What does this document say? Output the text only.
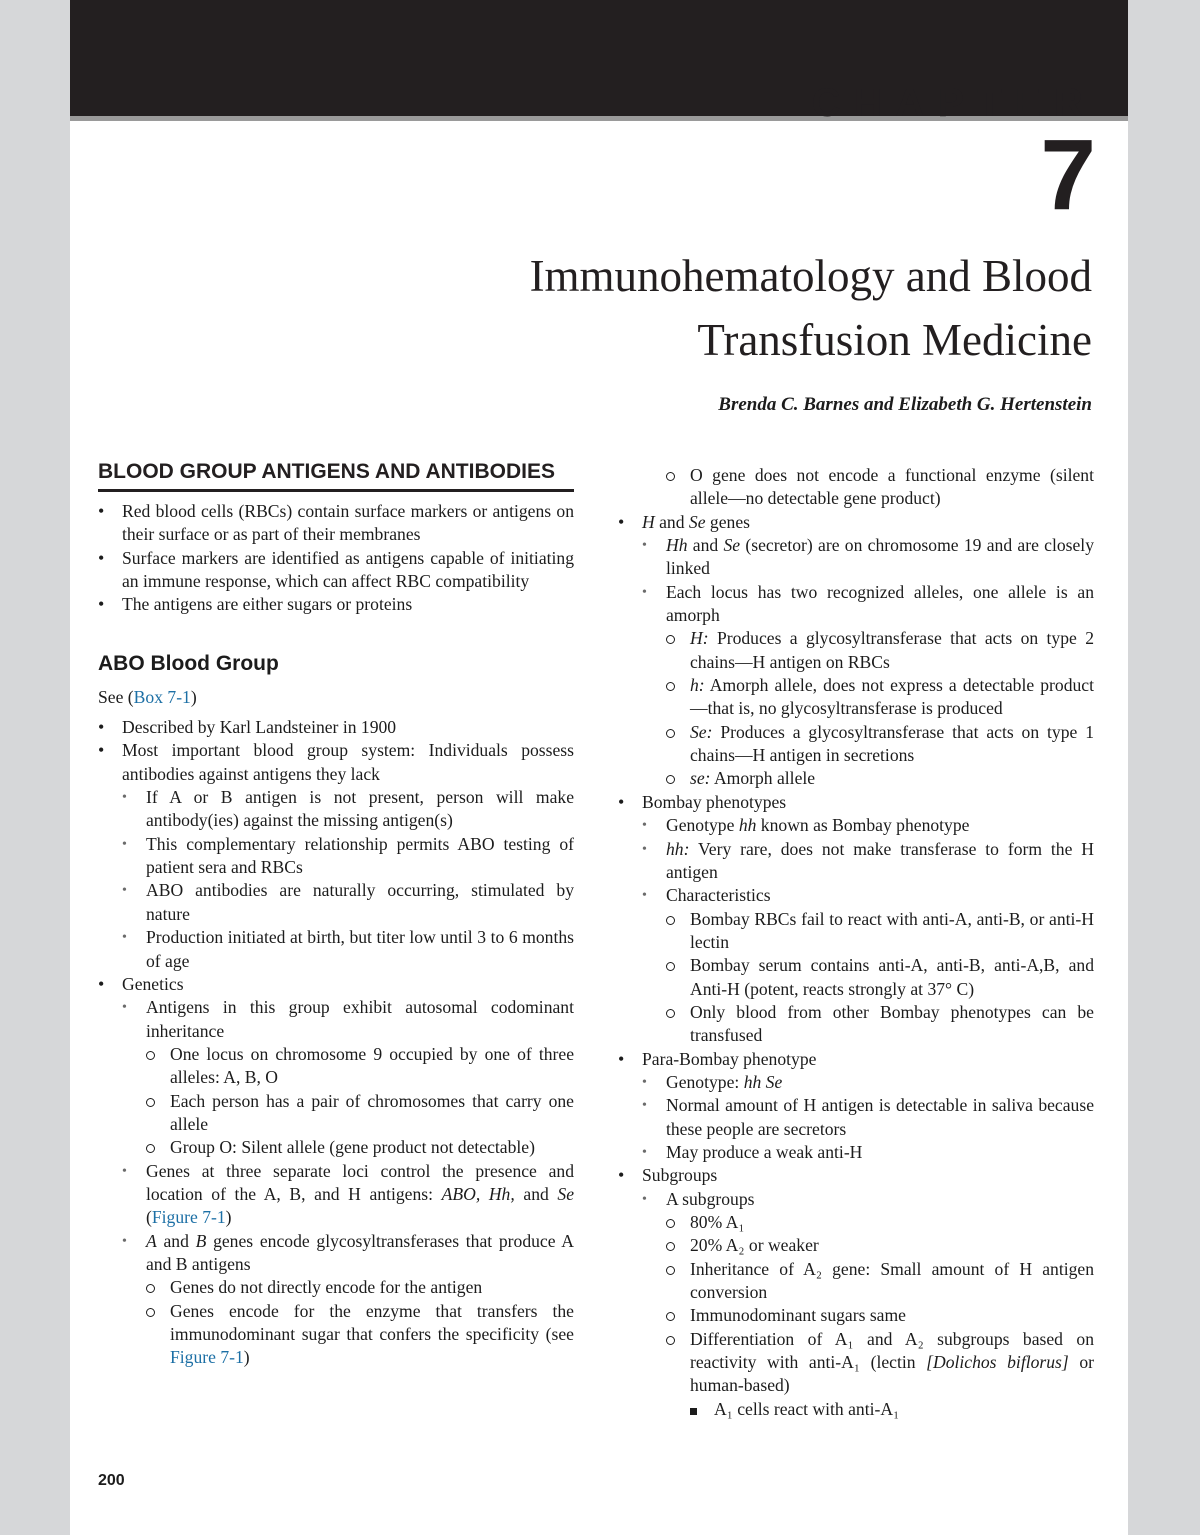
CHAPTER
7
Immunohematology and Blood
Transfusion Medicine
Brenda C. Barnes and Elizabeth G. Hertenstein
BLOOD GROUP ANTIGENS AND ANTIBODIES
• Red blood cells (RBCs) contain surface markers or antigens on their surface or as part of their membranes
• Surface markers are identified as antigens capable of initiating an immune response, which can affect RBC compatibility
• The antigens are either sugars or proteins
ABO Blood Group

See (Box 7-1)

• Described by Karl Landsteiner in 1900
• Most important blood group system: Individuals possess antibodies against antigens they lack
• If A or B antigen is not present, person will make antibody(ies) against the missing antigen(s)
• This complementary relationship permits ABO testing of patient sera and RBCs
• ABO antibodies are naturally occurring, stimulated by nature
• Production initiated at birth, but titer low until 3 to 6 months of age
• Genetics
• Antigens in this group exhibit autosomal codominant inheritance
One locus on chromosome 9 occupied by one of three alleles: A, B, O
Each person has a pair of chromosomes that carry one allele
Group O: Silent allele (gene product not detectable)
• Genes at three separate loci control the presence and location of the A, B, and H antigens: ABO, Hh, and Se (Figure 7-1)
• A and B genes encode glycosyltransferases that produce A and B antigens
Genes do not directly encode for the antigen
Genes encode for the enzyme that transfers the immunodominant sugar that confers the specificity (see Figure 7-1)
O gene does not encode a functional enzyme (silent allele—no detectable gene product)
• H and Se genes
• Hh and Se (secretor) are on chromosome 19 and are closely linked
• Each locus has two recognized alleles, one allele is an amorph
H: Produces a glycosyltransferase that acts on type 2 chains—H antigen on RBCs
h: Amorph allele, does not express a detectable product—that is, no glycosyltransferase is produced
Se: Produces a glycosyltransferase that acts on type 1 chains—H antigen in secretions
se: Amorph allele
• Bombay phenotypes
• Genotype hh known as Bombay phenotype
• hh: Very rare, does not make transferase to form the H antigen
• Characteristics
Bombay RBCs fail to react with anti-A, anti-B, or anti-H lectin
Bombay serum contains anti-A, anti-B, anti-A,B, and Anti-H (potent, reacts strongly at 37° C)
Only blood from other Bombay phenotypes can be transfused
• Para-Bombay phenotype
• Genotype: hh Se
• Normal amount of H antigen is detectable in saliva because these people are secretors
• May produce a weak anti-H
• Subgroups
• A subgroups
80% A₁
20% A₂ or weaker
Inheritance of A₂ gene: Small amount of H antigen conversion
Immunodominant sugars same
Differentiation of A₁ and A₂ subgroups based on reactivity with anti-A₁ (lectin [Dolichos biflorus] or human-based)
A₁ cells react with anti-A₁
200
